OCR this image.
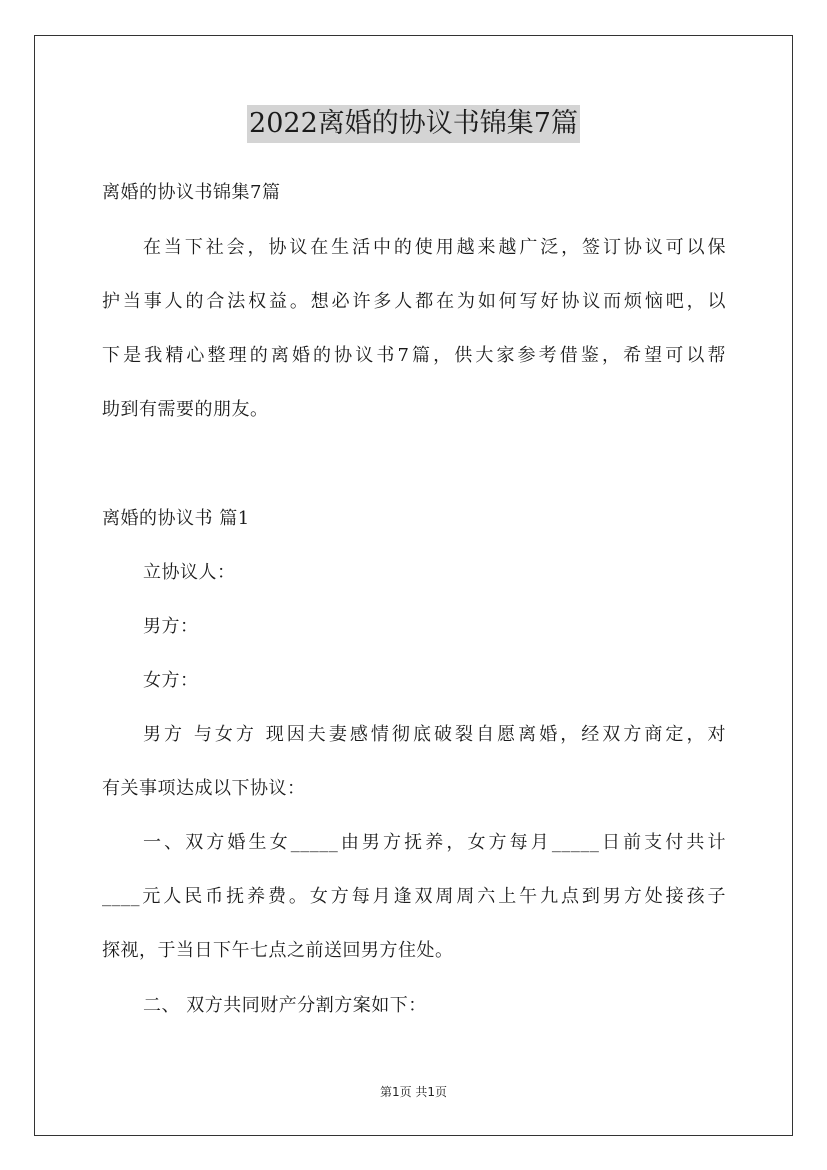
2022离婚的协议书锦集7篇

离婚的协议书锦集7篇

在当下社会，协议在生活中的使用越来越广泛，签订协议可以保

护当事人的合法权益。想必许多人都在为如何写好协议而烦恼吧，以

下是我精心整理的离婚的协议书7篇，供大家参考借鉴，希望可以帮

助到有需要的朋友。

离婚的协议书 篇1

立协议人：

男方：

女方：

男方 与女方 现因夫妻感情彻底破裂自愿离婚，经双方商定，对

有关事项达成以下协议：

一、双方婚生女_____由男方抚养，女方每月_____日前支付共计

____元人民币抚养费。女方每月逢双周周六上午九点到男方处接孩子

探视，于当日下午七点之前送回男方住处。

二、 双方共同财产分割方案如下：

第1页 共1页
